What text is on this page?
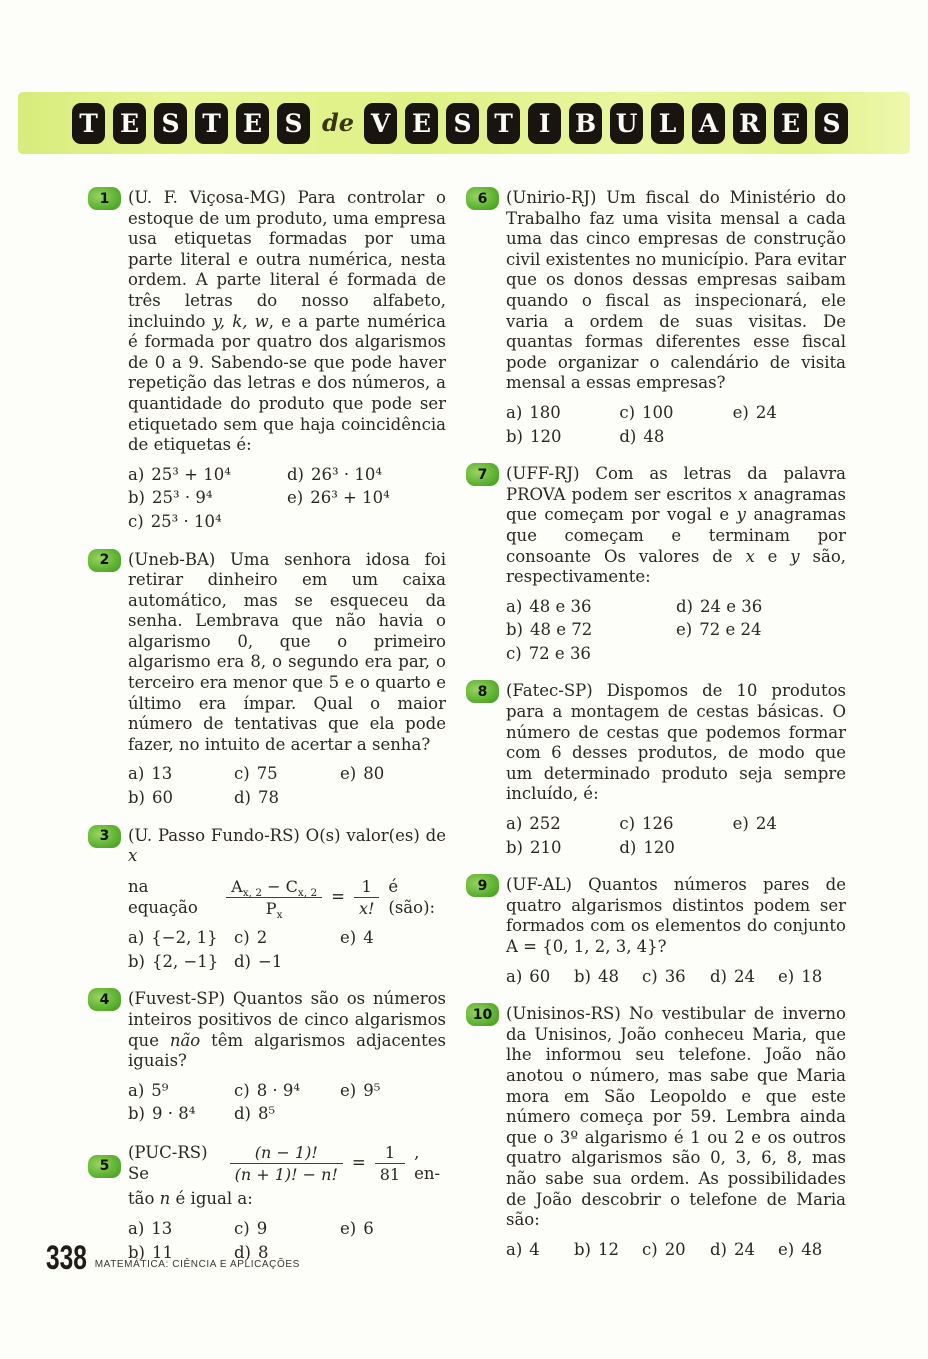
T E S T E S de V E S T	I B U L A R E S
1	(U. F. Viçosa-MG) Para controlar o estoque de um produto, uma empresa usa etiquetas formadas por uma parte literal e outra numérica, nesta ordem. A parte literal é formada de três letras do nosso alfabeto, incluindo y, k, w, e a parte numérica é formada por quatro dos algarismos de 0 a 9. Sabendo-se que pode haver repetição das letras e dos números, a quantidade do produto que pode ser etiquetado sem que haja coincidência de etiquetas é:

a) 25³ + 10⁴	d) 26³ · 10⁴
b) 25³ · 9⁴	e) 26³ + 10⁴
c) 25³ · 10⁴
2	(Uneb-BA) Uma senhora idosa foi retirar dinheiro em um caixa automático, mas se esqueceu da senha. Lembrava que não havia o algarismo 0, que o primeiro algarismo era 8, o segundo era par, o terceiro era menor que 5 e o quarto e último era ímpar. Qual o maior número de tentativas que ela pode fazer, no intuito de acertar a senha?

a) 13	c) 75	e) 80
b) 60	d) 78
3	(U. Passo Fundo-RS) O(s) valor(es) de x

na equação	$\frac{A_{x, 2} - C_{x, 2}}{P_x} = \frac{1}{x!}$ é (são):
a) {−2, 1} c) 2	e) 4
b) {2, −1} d) −1
4	(Fuvest-SP) Quantos são os números inteiros positivos de cinco algarismos que não têm algarismos adjacentes iguais?

a) 5⁹	c) 8 · 9⁴	e) 9⁵
b) 9 · 8⁴	d) 8⁵
5
(PUC-RS) Se	$\frac{(n - 1)!}{(n + 1)! - n!} = \frac{1}{81}$ , en-

tão n é igual a:

a) 13	c) 9	e) 6
b) 11	d) 8
6	(Unirio-RJ) Um fiscal do Ministério do Trabalho faz uma visita mensal a cada uma das cinco empresas de construção civil existentes no município. Para evitar que os donos dessas empresas saibam quando o fiscal as inspecionará, ele varia a ordem de suas visitas. De quantas formas diferentes esse fiscal pode organizar o calendário de visita mensal a essas empresas?

a) 180	c) 100	e) 24
b) 120	d) 48
7	(UFF-RJ) Com as letras da palavra PROVA podem ser escritos x anagramas que começam por vogal e y anagramas que começam e terminam por consoante Os valores de x e y são, respectivamente:

a) 48 e 36	d) 24 e 36
b) 48 e 72	e) 72 e 24
c) 72 e 36
8	(Fatec-SP) Dispomos de 10 produtos para a montagem de cestas básicas. O número de cestas que podemos formar com 6 desses produtos, de modo que um determinado produto seja sempre incluído, é:

a) 252	c) 126	e) 24
b) 210	d) 120
9	(UF-AL) Quantos números pares de quatro algarismos distintos podem ser formados com os elementos do conjunto A = {0, 1, 2, 3, 4}?

a) 60	b) 48	c) 36	d) 24	e) 18
10 (Unisinos-RS) No vestibular de inverno da Unisinos, João conheceu Maria, que lhe informou seu telefone. João não anotou o número, mas sabe que Maria mora em São Leopoldo e que este número começa por 59. Lembra ainda que o 3º algarismo é 1 ou 2 e os outros quatro algarismos são 0, 3, 6, 8, mas não sabe sua ordem. As possibilidades de João descobrir o telefone de Maria são:

a) 4	b) 12	c) 20	d) 24	e) 48
338 MATEMÁTICA: CIÊNCIA E APLICAÇÕES
